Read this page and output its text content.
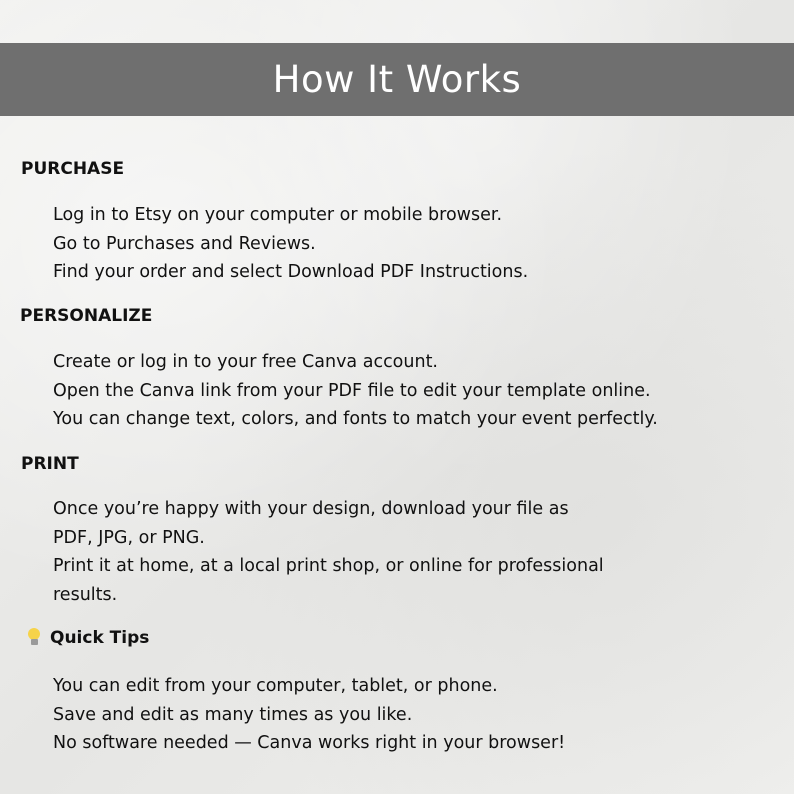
How It Works
PURCHASE
Log in to Etsy on your computer or mobile browser.
Go to Purchases and Reviews.
Find your order and select Download PDF Instructions.
PERSONALIZE
Create or log in to your free Canva account.
Open the Canva link from your PDF file to edit your template online.
You can change text, colors, and fonts to match your event perfectly.
PRINT
Once you’re happy with your design, download your file as
PDF, JPG, or PNG.
Print it at home, at a local print shop, or online for professional
results.
Quick Tips
You can edit from your computer, tablet, or phone.
Save and edit as many times as you like.
No software needed — Canva works right in your browser!
